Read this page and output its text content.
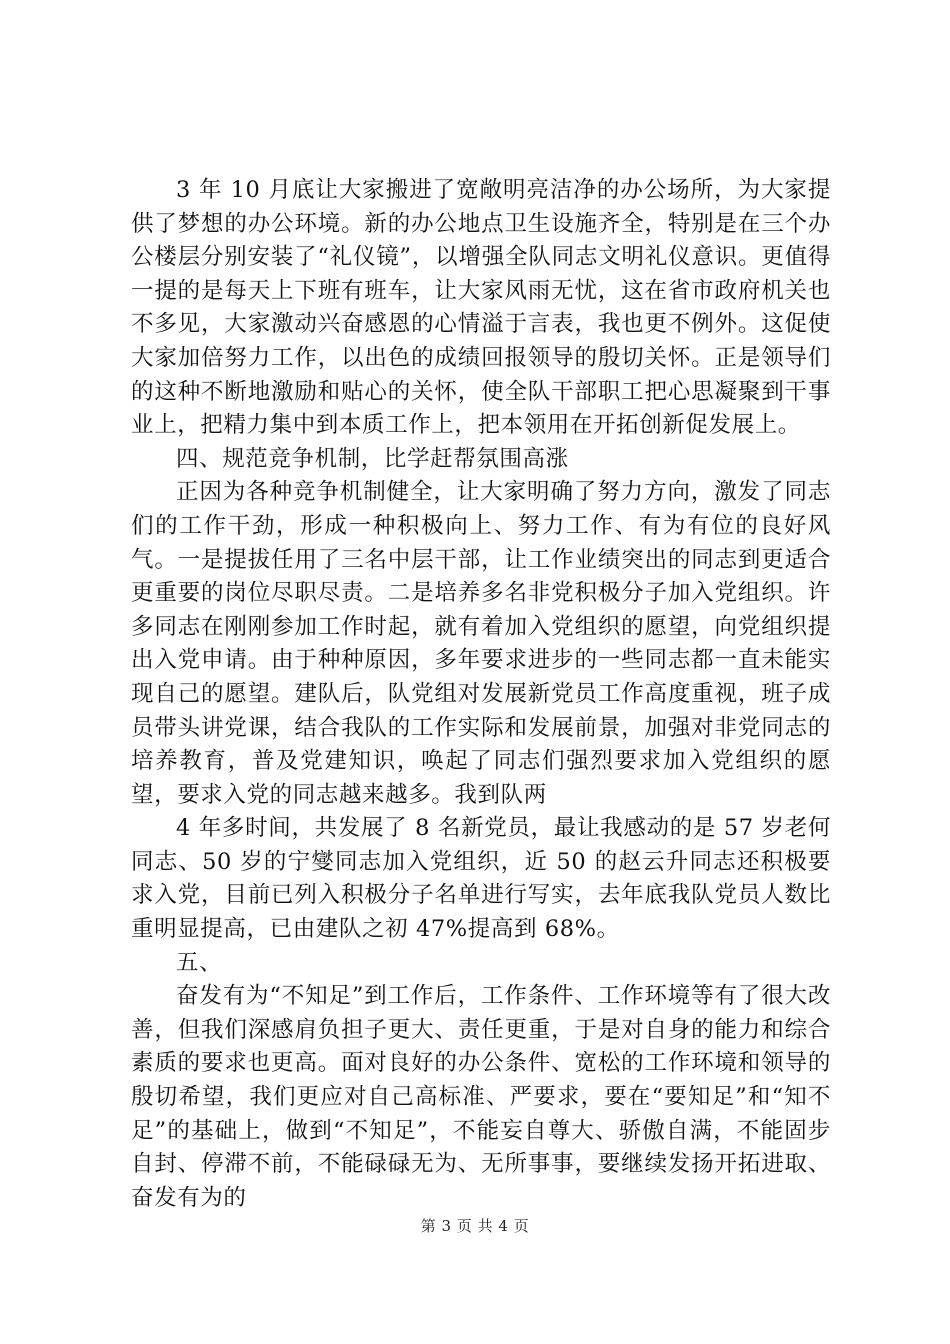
3 年 10 月底让大家搬进了宽敞明亮洁净的办公场所，为大家提供了梦想的办公环境。新的办公地点卫生设施齐全，特别是在三个办公楼层分别安装了“礼仪镜”，以增强全队同志文明礼仪意识。更值得一提的是每天上下班有班车，让大家风雨无忧，这在省市政府机关也不多见，大家激动兴奋感恩的心情溢于言表，我也更不例外。这促使大家加倍努力工作，以出色的成绩回报领导的殷切关怀。正是领导们的这种不断地激励和贴心的关怀，使全队干部职工把心思凝聚到干事业上，把精力集中到本质工作上，把本领用在开拓创新促发展上。

四、规范竞争机制，比学赶帮氛围高涨

正因为各种竞争机制健全，让大家明确了努力方向，激发了同志们的工作干劲，形成一种积极向上、努力工作、有为有位的良好风气。一是提拔任用了三名中层干部，让工作业绩突出的同志到更适合更重要的岗位尽职尽责。二是培养多名非党积极分子加入党组织。许多同志在刚刚参加工作时起，就有着加入党组织的愿望，向党组织提出入党申请。由于种种原因，多年要求进步的一些同志都一直未能实现自己的愿望。建队后，队党组对发展新党员工作高度重视，班子成员带头讲党课，结合我队的工作实际和发展前景，加强对非党同志的培养教育，普及党建知识，唤起了同志们强烈要求加入党组织的愿望，要求入党的同志越来越多。我到队两

4 年多时间，共发展了 8 名新党员，最让我感动的是 57 岁老何同志、50 岁的宁燮同志加入党组织，近 50 的赵云升同志还积极要求入党，目前已列入积极分子名单进行写实，去年底我队党员人数比重明显提高，已由建队之初 47%提高到 68%。

五、

奋发有为“不知足”到工作后，工作条件、工作环境等有了很大改善，但我们深感肩负担子更大、责任更重，于是对自身的能力和综合素质的要求也更高。面对良好的办公条件、宽松的工作环境和领导的殷切希望，我们更应对自己高标准、严要求，要在“要知足”和“知不足”的基础上，做到“不知足”，不能妄自尊大、骄傲自满，不能固步自封、停滞不前，不能碌碌无为、无所事事，要继续发扬开拓进取、奋发有为的

第 3 页 共 4 页
